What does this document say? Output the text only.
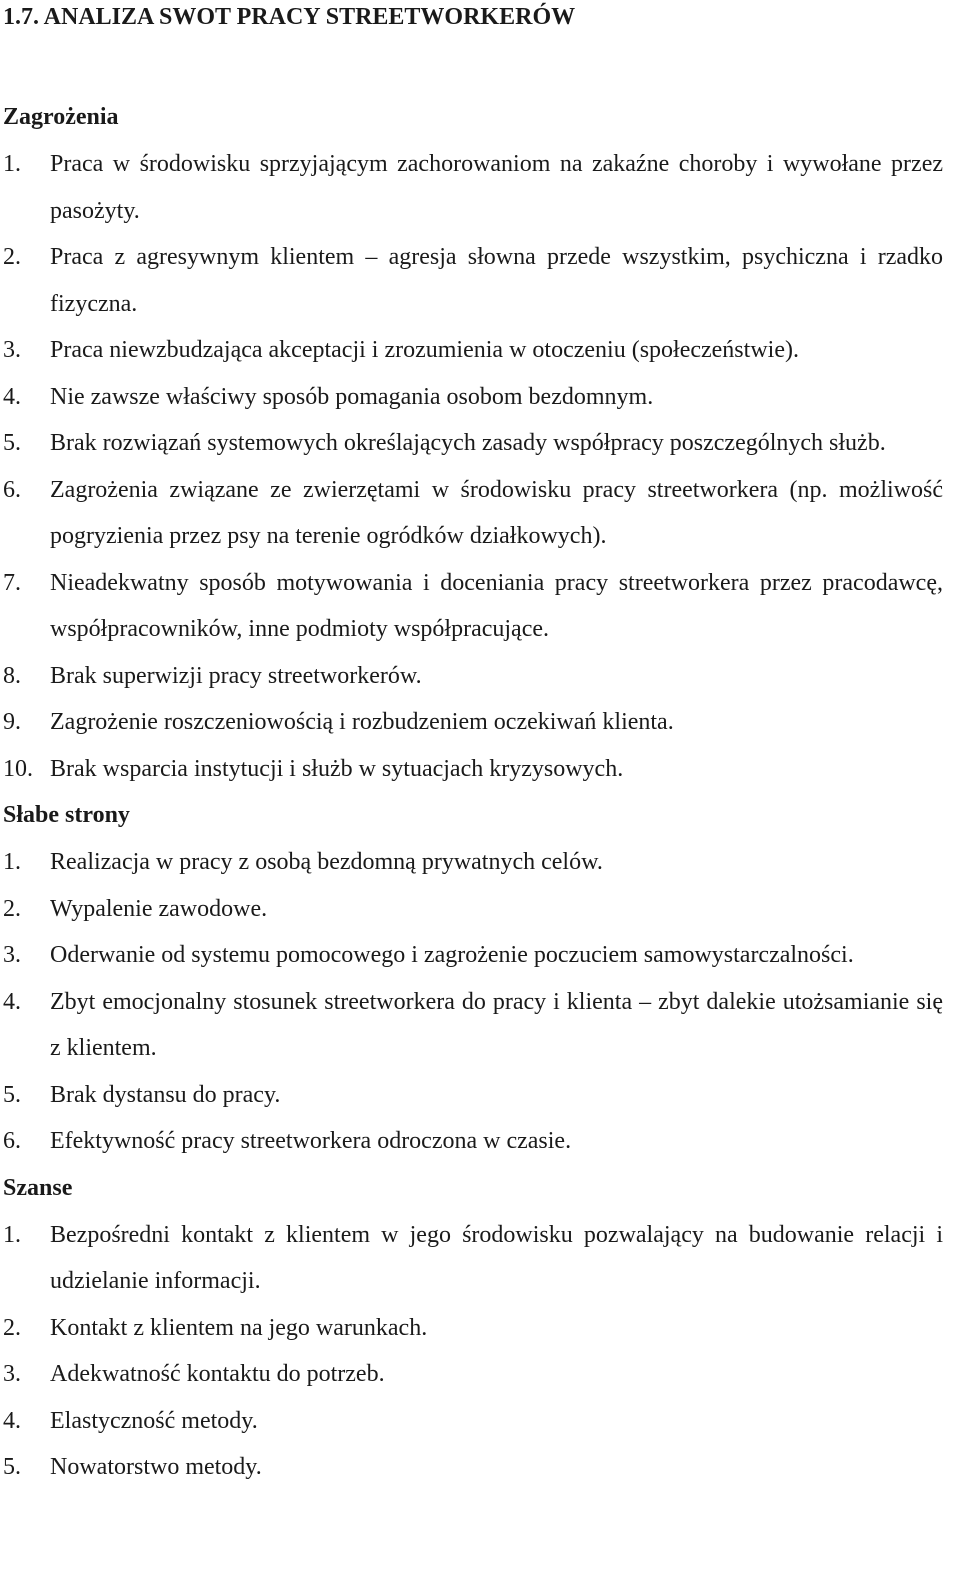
1.7. ANALIZA SWOT PRACY STREETWORKERÓW
Zagrożenia
1. Praca w środowisku sprzyjającym zachorowaniom na zakaźne choroby i wywołane przez pasożyty.
2. Praca z agresywnym klientem – agresja słowna przede wszystkim, psychiczna i rzadko fizyczna.
3. Praca niewzbudzająca akceptacji i zrozumienia w otoczeniu (społeczeństwie).
4. Nie zawsze właściwy sposób pomagania osobom bezdomnym.
5. Brak rozwiązań systemowych określających zasady współpracy poszczególnych służb.
6. Zagrożenia związane ze zwierzętami w środowisku pracy streetworkera (np. możliwość pogryzienia przez psy na terenie ogródków działkowych).
7. Nieadekwatny sposób motywowania i doceniania pracy streetworkera przez pracodawcę, współpracowników, inne podmioty współpracujące.
8. Brak superwizji pracy streetworkerów.
9. Zagrożenie roszczeniowością i rozbudzeniem oczekiwań klienta.
10. Brak wsparcia instytucji i służb w sytuacjach kryzysowych.
Słabe strony
1. Realizacja w pracy z osobą bezdomną prywatnych celów.
2. Wypalenie zawodowe.
3. Oderwanie od systemu pomocowego i zagrożenie poczuciem samowystarczalności.
4. Zbyt emocjonalny stosunek streetworkera do pracy i klienta – zbyt dalekie utożsamianie się z klientem.
5. Brak dystansu do pracy.
6. Efektywność pracy streetworkera odroczona w czasie.
Szanse
1. Bezpośredni kontakt z klientem w jego środowisku pozwalający na budowanie relacji i udzielanie informacji.
2. Kontakt z klientem na jego warunkach.
3. Adekwatność kontaktu do potrzeb.
4. Elastyczność metody.
5. Nowatorstwo metody.
